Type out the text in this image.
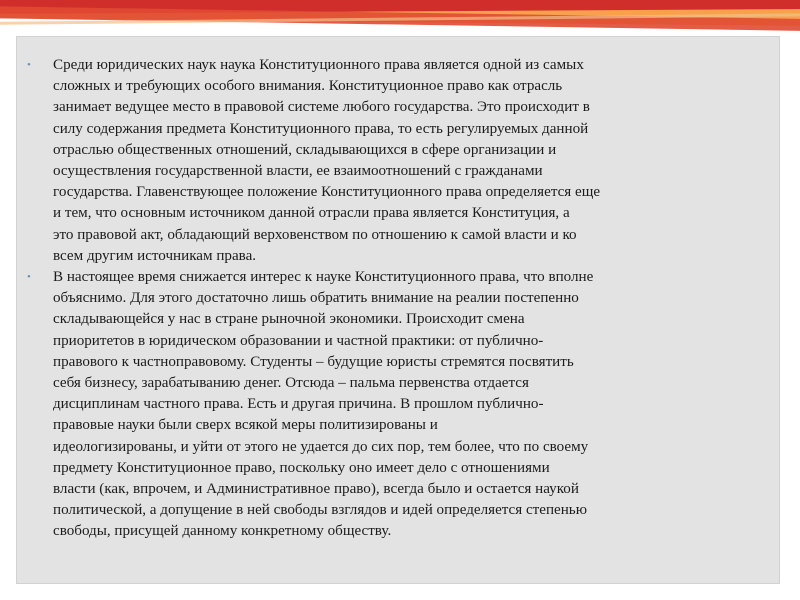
•	Среди юридических наук наука Конституционного права является одной из самых
сложных и требующих особого внимания. Конституционное право как отрасль
занимает ведущее место в правовой системе любого государства. Это происходит в
силу содержания предмета Конституционного права, то есть регулируемых данной
отраслью общественных отношений, складывающихся в сфере организации и
осуществления государственной власти, ее взаимоотношений с гражданами
государства. Главенствующее положение Конституционного права определяется еще
и тем, что основным источником данной отрасли права является Конституция, а
это правовой акт, обладающий верховенством по отношению к самой власти и ко
всем другим источникам права.
•	В настоящее время снижается интерес к науке Конституционного права, что вполне
объяснимо. Для этого достаточно лишь обратить внимание на реалии постепенно
складывающейся у нас в стране рыночной экономики. Происходит смена
приоритетов в юридическом образовании и частной практики: от публично-
правового к частноправовому. Студенты – будущие юристы стремятся посвятить
себя бизнесу, зарабатыванию денег. Отсюда – пальма первенства отдается
дисциплинам частного права. Есть и другая причина. В прошлом публично-
правовые науки были сверх всякой меры политизированы и
идеологизированы, и уйти от этого не удается до сих пор, тем более, что по своему
предмету Конституционное право, поскольку оно имеет дело с отношениями
власти (как, впрочем, и Административное право), всегда было и остается наукой
политической, а допущение в ней свободы взглядов и идей определяется степенью
свободы, присущей данному конкретному обществу.
